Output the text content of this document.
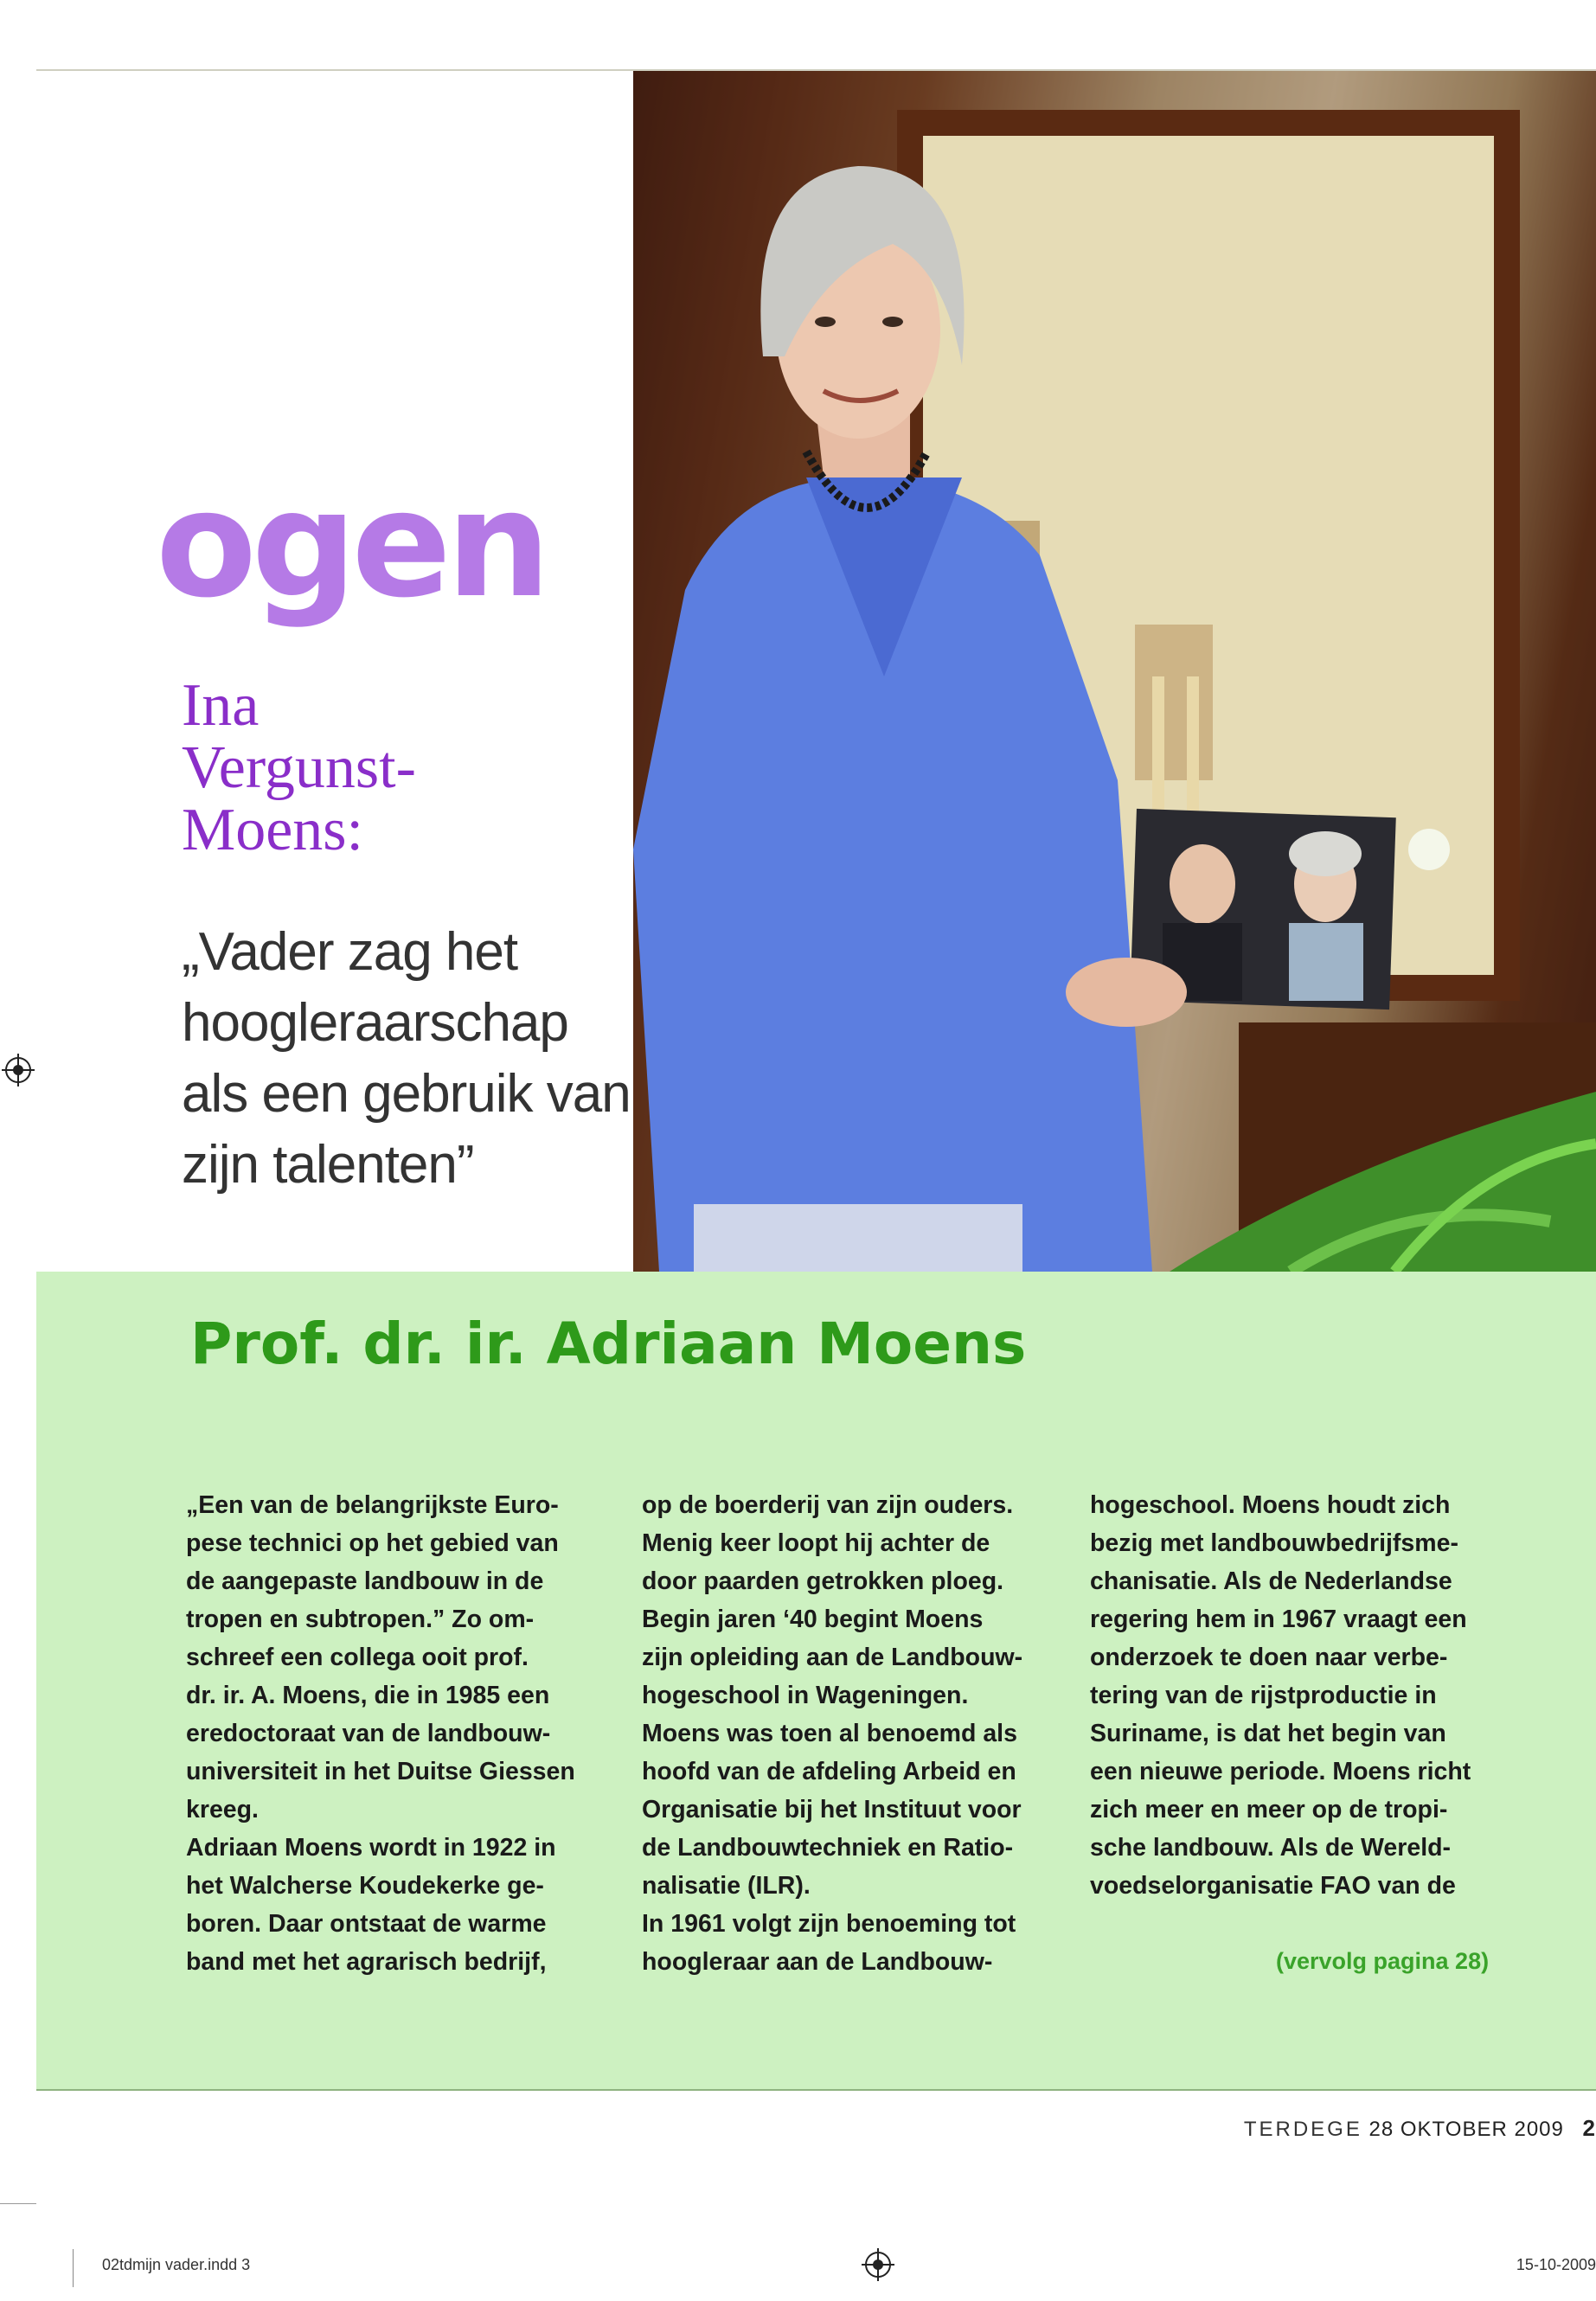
ogen
Ina
Vergunst-
Moens:
„Vader zag het hoogleraarschap als een gebruik van zijn talenten”
Prof. dr. ir. Adriaan Moens
„Een van de belangrijkste Euro-
pese technici op het gebied van
de aangepaste landbouw in de
tropen en subtropen.” Zo om-
schreef een collega ooit prof.
dr. ir. A. Moens, die in 1985 een
eredoctoraat van de landbouw-
universiteit in het Duitse Giessen
kreeg.
Adriaan Moens wordt in 1922 in
het Walcherse Koudekerke ge-
boren. Daar ontstaat de warme
band met het agrarisch bedrijf,
op de boerderij van zijn ouders.
Menig keer loopt hij achter de
door paarden getrokken ploeg.
Begin jaren ‘40 begint Moens
zijn opleiding aan de Landbouw-
hogeschool in Wageningen.
Moens was toen al benoemd als
hoofd van de afdeling Arbeid en
Organisatie bij het Instituut voor
de Landbouwtechniek en Ratio-
nalisatie (ILR).
In 1961 volgt zijn benoeming tot
hoogleraar aan de Landbouw-
hogeschool. Moens houdt zich
bezig met landbouwbedrijfsme-
chanisatie. Als de Nederlandse
regering hem in 1967 vraagt een
onderzoek te doen naar verbe-
tering van de rijstproductie in
Suriname, is dat het begin van
een nieuwe periode. Moens richt
zich meer en meer op de tropi-
sche landbouw. Als de Wereld-
voedselorganisatie FAO van de
(vervolg pagina 28)
TERDEGE 28 OKTOBER 2009 2
02tdmijn vader.indd 3	15-10-2009
